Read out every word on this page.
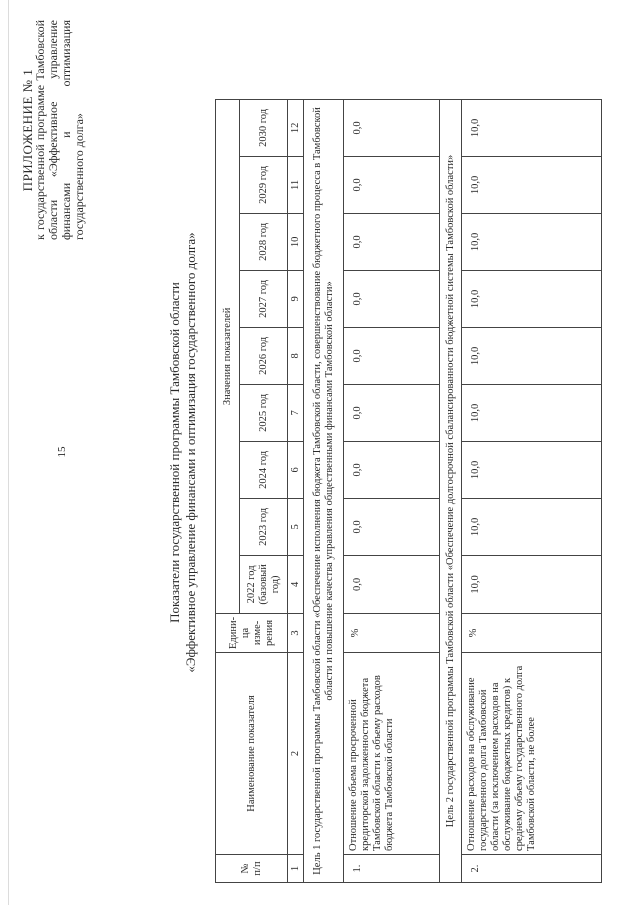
15
ПРИЛОЖЕНИЕ № 1
к государственной программе Тамбовской области «Эффективное управление финансами и оптимизация государственного долга»
Показатели государственной программы Тамбовской области «Эффективное управление финансами и оптимизация государственного долга»
№ п/п	Наименование показателя	Едини-ца изме-рения	Значения показателей								
			2022 год (базовый год)	2023 год	2024 год	2025 год	2026 год	2027 год	2028 год	2029 год	2030 год
1	2	3	4	5	6	7	8	9	10	11	12
Цель 1 государственной программы Тамбовской области «Обеспечение исполнения бюджета Тамбовской области, совершенствование бюджетного процесса в Тамбовской области и повышение качества управления общественными финансами Тамбовской области»											
1.	Отношение объема просроченной кредиторской задолженности бюджета Тамбовской области к объему расходов бюджета Тамбовской области	%	0,0	0,0	0,0	0,0	0,0	0,0	0,0	0,0	0,0
Цель 2 государственной программы Тамбовской области «Обеспечение долгосрочной сбалансированности бюджетной системы Тамбовской области»											
2.	Отношение расходов на обслуживание государственного долга Тамбовской области (за исключением расходов на обслуживание бюджетных кредитов) к среднему объему государственного долга Тамбовской области, не более	%	10,0	10,0	10,0	10,0	10,0	10,0	10,0	10,0	10,0
